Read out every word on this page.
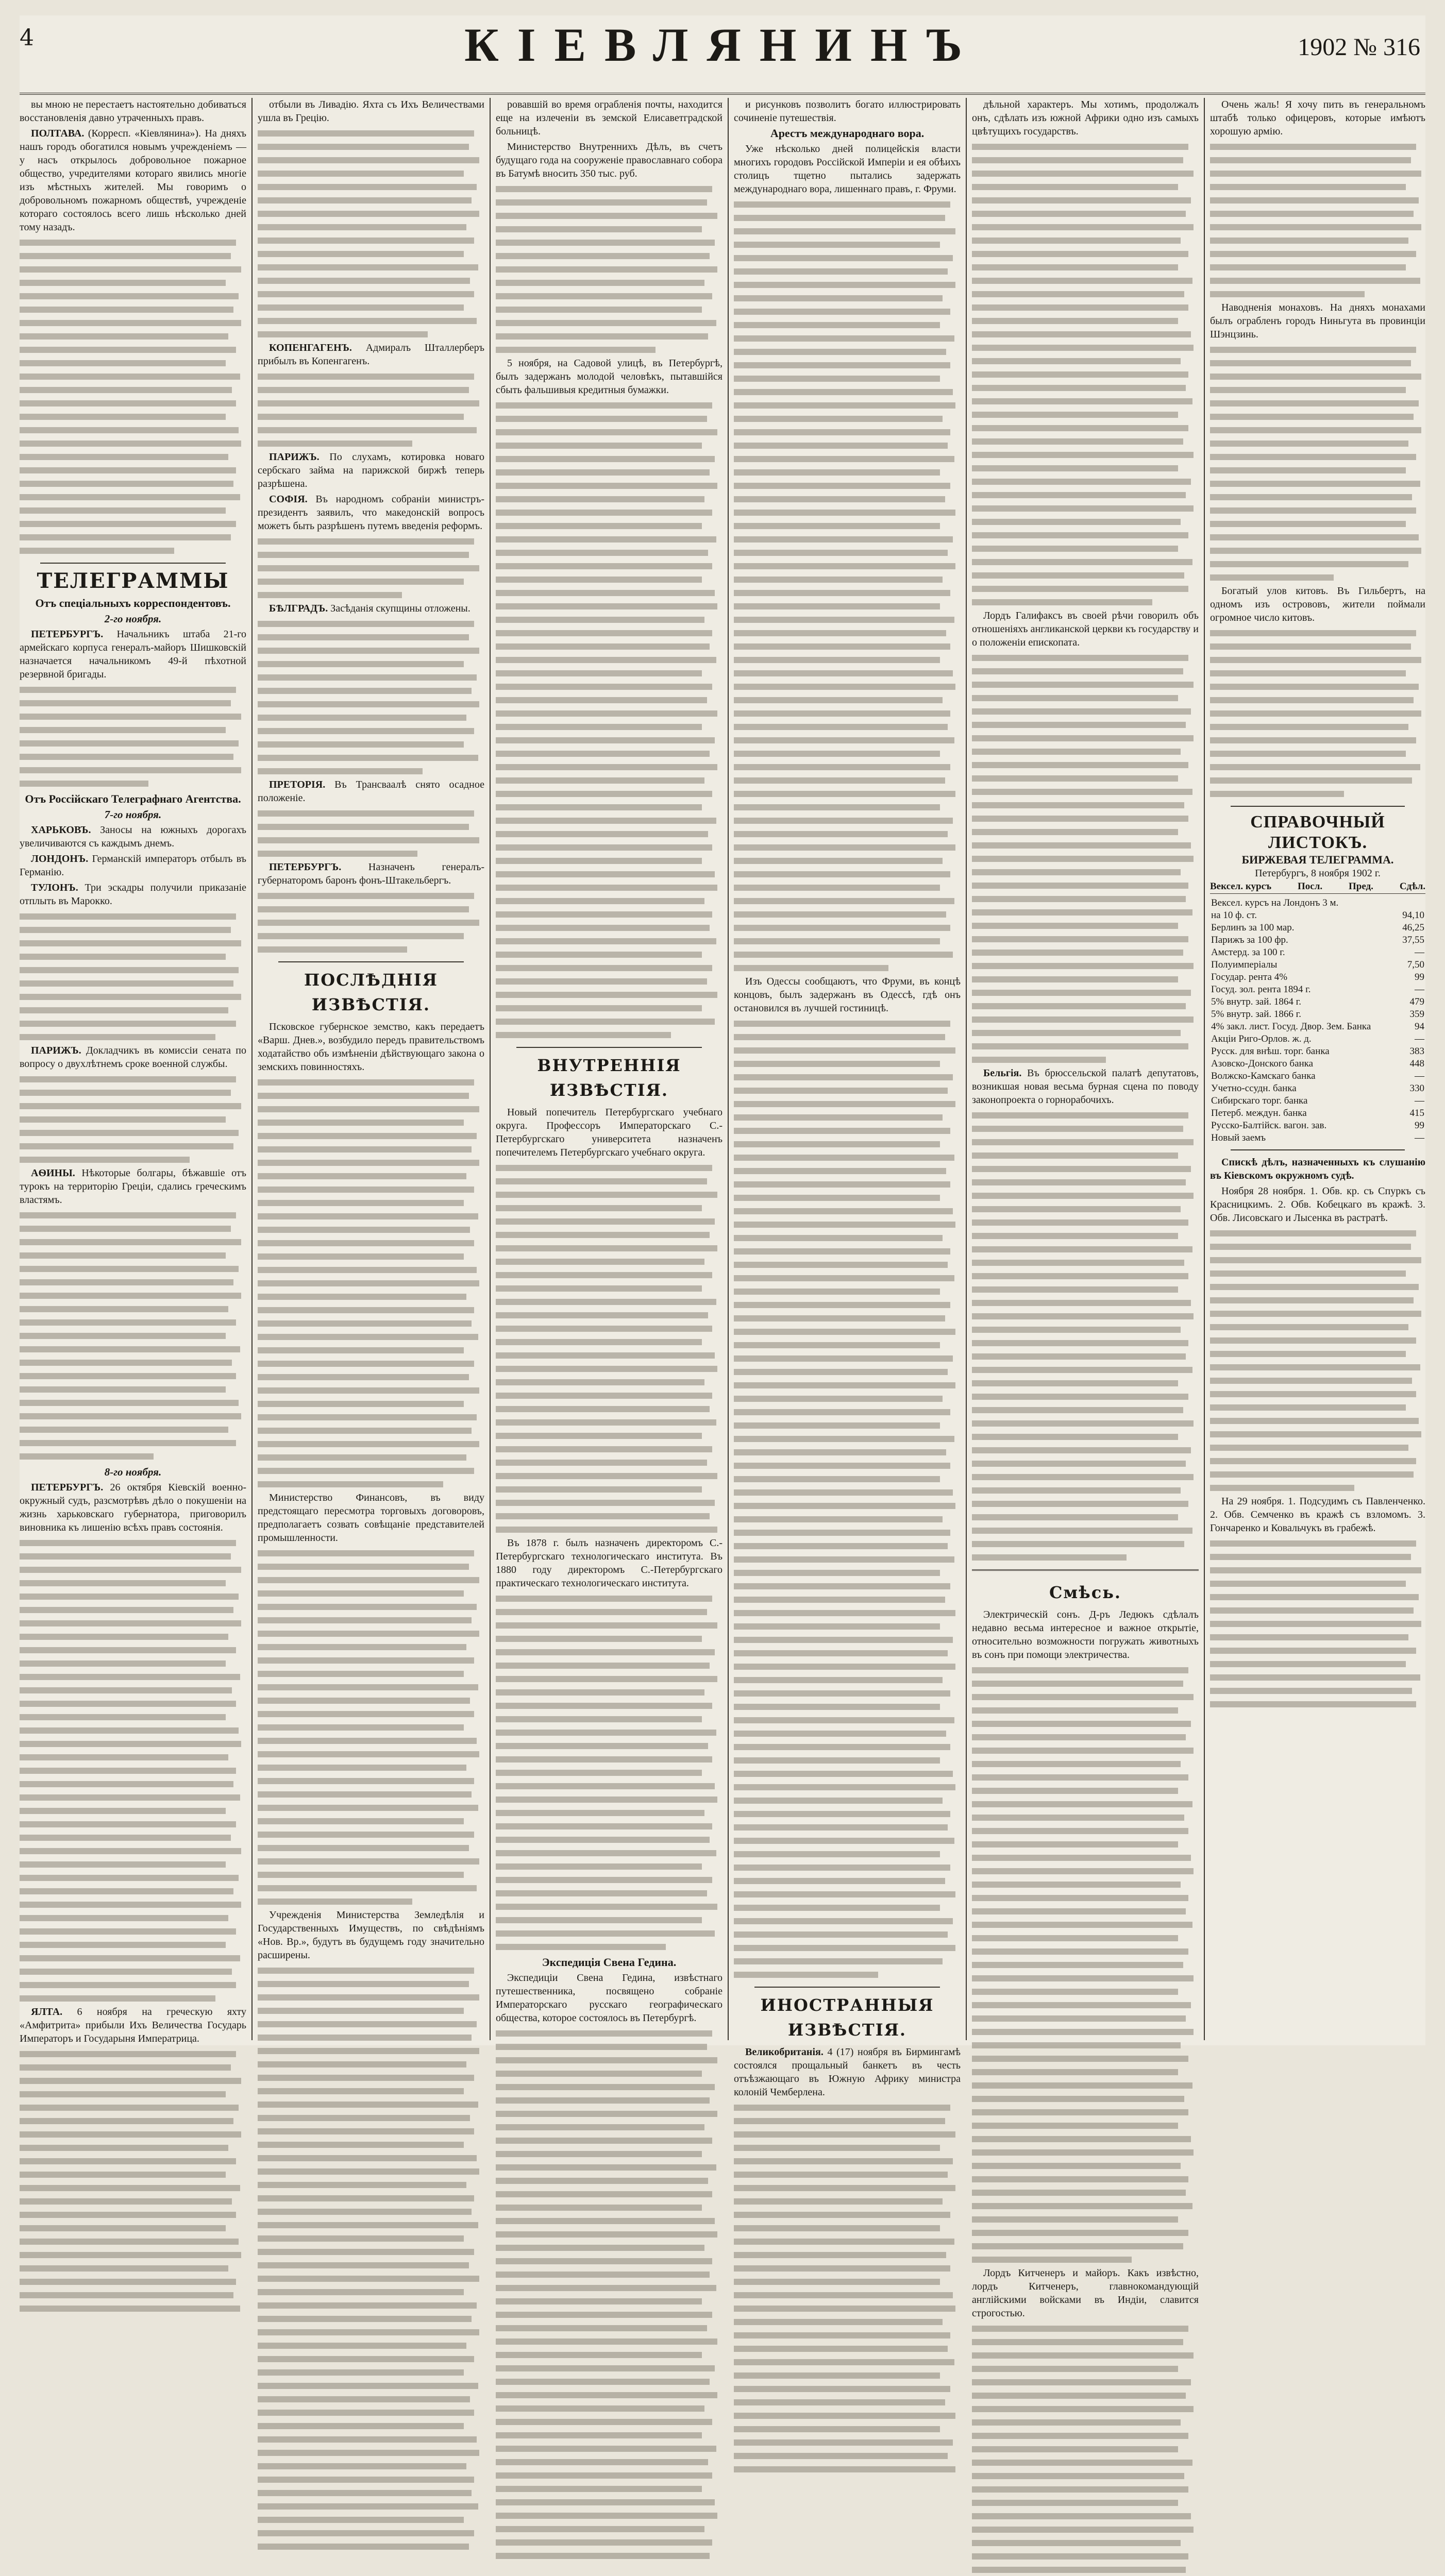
4	КІЕВЛЯНИНЪ	1902 № 316

вы мною не перестаетъ настоятельно добиваться восстановленія давно утраченныхъ правъ.

ПОЛТАВА. (Корресп. «Кіевлянина»). На дняхъ нашъ городъ обогатился новымъ учрежденіемъ — у насъ открылось добровольное пожарное общество, учредителями котораго явились многіе изъ мѣстныхъ жителей. Мы говоримъ о добровольномъ пожарномъ обществѣ, учрежденіе котораго состоялось всего лишь нѣсколько дней тому назадъ.

ТЕЛЕГРАММЫ
Отъ спеціальныхъ корреспондентовъ.
2-го ноября.

ПЕТЕРБУРГЪ. Начальникъ штаба 21-го армейскаго корпуса генералъ-майоръ Шишковскій назначается начальникомъ 49-й пѣхотной резервной бригады.

Отъ Россійскаго Телеграфнаго Агентства.
7-го ноября.

ХАРЬКОВЪ. Заносы на южныхъ дорогахъ увеличиваются съ каждымъ днемъ.

ЛОНДОНЪ. Германскій императоръ отбылъ въ Германію.

ТУЛОНЪ. Три эскадры получили приказаніе отплыть въ Марокко.

ПАРИЖЪ. Докладчикъ въ комиссіи сената по вопросу о двухлѣтнемъ сроке военной службы.

АѲИНЫ. Нѣкоторые болгары, бѣжавшіе отъ турокъ на территорію Греціи, сдались греческимъ властямъ.

8-го ноября.

ПЕТЕРБУРГЪ. 26 октября Кіевскій военно-окружный судъ, разсмотрѣвъ дѣло о покушеніи на жизнь харьковскаго губернатора, приговорилъ виновника къ лишенію всѣхъ правъ состоянія.

ЯЛТА. 6 ноября на греческую яхту «Амфитрита» прибыли Ихъ Величества Государь Императоръ и Государыня Императрица.

отбыли въ Ливадію. Яхта съ Ихъ Величествами ушла въ Грецію.

КОПЕНГАГЕНЪ. Адмиралъ Шталлерберъ прибылъ въ Копенгагенъ.

ПАРИЖЪ. По слухамъ, котировка новаго сербскаго займа на парижской биржѣ теперь разрѣшена.

СОФІЯ. Въ народномъ собраніи министръ-президентъ заявилъ, что македонскій вопросъ можетъ быть разрѣшенъ путемъ введенія реформъ.

БѢЛГРАДЪ. Засѣданія скупщины отложены.

ПРЕТОРІЯ. Въ Трансваалѣ снято осадное положеніе.

ПЕТЕРБУРГЪ.	Назначенъ генералъ-губернаторомъ баронъ фонъ-Штакельбергъ.

ПОСЛѢДНІЯ ИЗВѢСТІЯ.

Псковское губернское земство, какъ передаетъ «Варш. Днев.», возбудило передъ правительствомъ ходатайство объ измѣненіи дѣйствующаго закона о земскихъ повинностяхъ.

Министерство Финансовъ, въ виду предстоящаго пересмотра торговыхъ договоровъ, предполагаетъ созвать совѣщаніе представителей промышленности.

Учрежденія Министерства Земледѣлія и Государственныхъ Имуществъ, по свѣдѣніямъ «Нов. Вр.», будутъ въ будущемъ году значительно расширены.

ровавшій во время ограбленія почты, находится еще на излеченіи въ земской Елисаветградской больницѣ.

Министерство Внутреннихъ Дѣлъ, въ счетъ будущаго года на сооруженіе православнаго собора въ Батумѣ вносить 350 тыс. руб.

5 ноября, на Садовой улицѣ, въ Петербургѣ, былъ задержанъ молодой человѣкъ, пытавшійся сбыть фальшивыя кредитныя бумажки.

ВНУТРЕННІЯ ИЗВѢСТІЯ.

Новый попечитель Петербургскаго учебнаго округа. Профессоръ Императорскаго С.-Петербургскаго университета назначенъ попечителемъ Петербургскаго учебнаго округа.

Въ 1878 г. былъ назначенъ директоромъ С.-Петербургскаго технологическаго института. Въ 1880 году директоромъ С.-Петербургскаго практическаго технологическаго института.

Экспедиція Свена Гедина.

Экспедиціи Свена Гедина, извѣстнаго путешественника, посвящено собраніе Императорскаго русскаго географическаго общества, которое состоялось въ Петербургѣ.

и рисунковъ позволитъ богато иллюстрировать сочиненіе путешествія.

Арестъ международнаго вора.

Уже нѣсколько дней полицейскія власти многихъ городовъ Россійской Имперіи и ея обѣихъ столицъ тщетно пытались задержать международнаго вора, лишеннаго правъ, г. Фруми.

Изъ Одессы сообщаютъ, что Фруми, въ концѣ концовъ, былъ задержанъ въ Одессѣ, гдѣ онъ остановился въ лучшей гостиницѣ.

ИНОСТРАННЫЯ ИЗВѢСТІЯ.

Великобританія. 4 (17) ноября въ Бирмингамѣ состоялся прощальный банкетъ въ честь отъѣзжающаго въ Южную Африку министра колоній Чемберлена.

дѣльной характеръ. Мы хотимъ, продолжалъ онъ, сдѣлать изъ южной Африки одно изъ самыхъ цвѣтущихъ государствъ.

Лордъ Галифаксъ въ своей рѣчи говорилъ объ отношеніяхъ англиканской церкви къ государству и о положеніи епископата.

Бельгія. Въ брюссельской палатѣ депутатовъ, возникшая новая весьма бурная сцена по поводу законопроекта о горнорабочихъ.

Смѣсь.

Электрическій сонъ. Д-ръ Ледюкъ сдѣлалъ недавно весьма интересное и важное открытіе, относительно возможности погружать животныхъ въ сонъ при помощи электричества.

Лордъ Китченеръ и майоръ. Какъ извѣстно, лордъ Китченеръ, главнокомандующій англійскими войсками въ Индіи, славится строгостью.

Очень жаль! Я хочу пить въ генеральномъ штабѣ только офицеровъ, которые имѣютъ хорошую армію.

Наводненія монаховъ. На дняхъ монахами былъ ограбленъ городъ Ниньгута въ провинціи Шэнцзинь.

Богатый улов китовъ. Въ Гильбертъ, на одномъ изъ острововъ, жители поймали огромное число китовъ.

СПРАВОЧНЫЙ ЛИСТОКЪ.
БИРЖЕВАЯ ТЕЛЕГРАММА.
Петербургъ, 8 ноября 1902 г.
Вексел. курсъ	Посл.	Пред.	Сдѣл.
Вексел. курсъ на Лондонъ 3 м.	
на 10 ф. ст.	94,10
Берлинъ за 100 мар.	46,25
Парижъ за 100 фр.	37,55
Амстерд. за 100 г.	—
Полуимперіалы	7,50
Государ. рента 4%	99
Госуд. зол. рента 1894 г.	—
5% внутр. зай. 1864 г.	479
5% внутр. зай. 1866 г.	359
4% закл. лист. Госуд. Двор. Зем. Банка	94
Акціи Риго-Орлов. ж. д.	—
Русск. для внѣш. торг. банка	383
Азовско-Донского банка	448
Волжско-Камскаго банка	—
Учетно-ссудн. банка	330
Сибирскаго торг. банка	—
Петерб. междун. банка	415
Русско-Балтійск. вагон. зав.	99
Новый заемъ	—

Спискѣ дѣлъ, назначенныхъ къ слушанію въ Кіевскомъ окружномъ судѣ.

Ноября 28 ноября. 1. Обв. кр. съ Спуркъ съ Красницкимъ. 2. Обв. Кобецкаго въ кражѣ. 3. Обв. Лисовскаго и Лысенка въ растратѣ.

На 29 ноября. 1. Подсудимъ съ Павленченко. 2. Обв. Семченко въ кражѣ съ взломомъ. 3. Гончаренко и Ковальчукъ въ грабежѣ.
